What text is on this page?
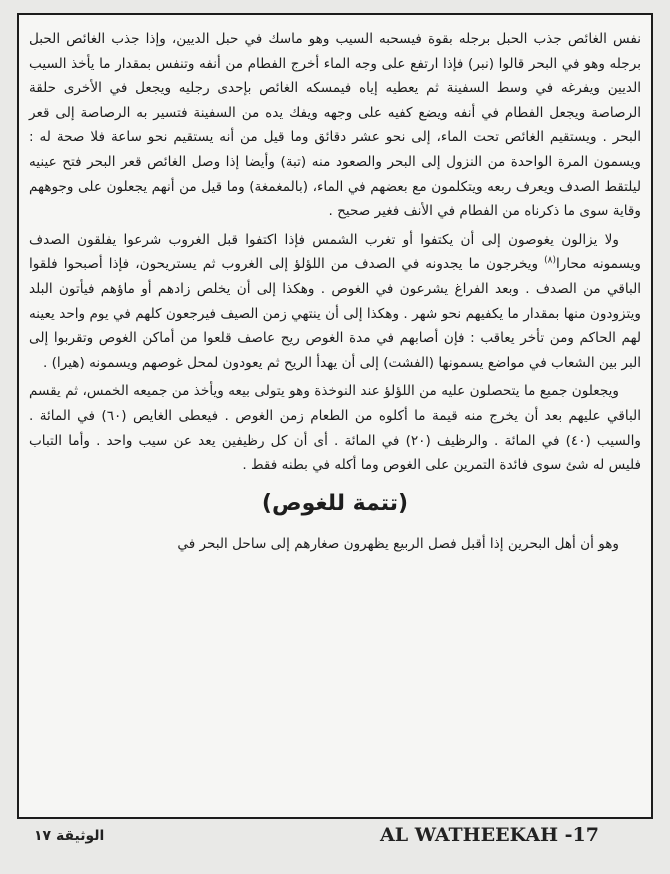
نفس الغائص جذب الحبل برجله بقوة فيسحبه السيب وهو ماسك في حبل الديين، وإذا جذب الغائص الحبل برجله وهو في البحر قالوا (نبر) فإذا ارتفع على وجه الماء أخرج الفطام من أنفه وتنفس بمقدار ما يأخذ السيب الديين ويفرغه في وسط السفينة ثم يعطيه إياه فيمسكه الغائص بإحدى رجليه ويجعل في الأخرى حلقة الرصاصة ويجعل الفطام في أنفه ويضع كفيه على وجهه ويفك يده من السفينة فتسير به الرصاصة إلى قعر البحر . ويستقيم الغائص تحت الماء، إلى نحو عشر دقائق وما قيل من أنه يستقيم نحو ساعة فلا صحة له : ويسمون المرة الواحدة من النزول إلى البحر والصعود منه (تبة) وأيضا إذا وصل الغائص قعر البحر فتح عينيه ليلتقط الصدف ويعرف ربعه ويتكلمون مع بعضهم في الماء، (بالمغمغة) وما قيل من أنهم يجعلون على وجوههم وقاية سوى ما ذكرناه من الفطام في الأنف فغير صحيح .

ولا يزالون يغوصون إلى أن يكتفوا أو تغرب الشمس فإذا اكتفوا قبل الغروب شرعوا يفلقون الصدف ويسمونه محارا$^{(٨)}$ ويخرجون ما يجدونه في الصدف من اللؤلؤ إلى الغروب ثم يستريحون، فإذا أصبحوا فلقوا الباقي من الصدف . وبعد الفراغ يشرعون في الغوص . وهكذا إلى أن يخلص زادهم أو ماؤهم فيأتون البلد ويتزودون منها بمقدار ما يكفيهم نحو شهر . وهكذا إلى أن ينتهي زمن الصيف فيرجعون كلهم في يوم واحد يعينه لهم الحاكم ومن تأخر يعاقب : فإن أصابهم في مدة الغوص ريح عاصف قلعوا من أماكن الغوص وتقربوا إلى البر بين الشعاب في مواضع يسمونها (الفشت) إلى أن يهدأ الريح ثم يعودون لمحل غوصهم ويسمونه (هيرا) .

ويجعلون جميع ما يتحصلون عليه من اللؤلؤ عند النوخذة وهو يتولى بيعه ويأخذ من جميعه الخمس، ثم يقسم الباقي عليهم بعد أن يخرج منه قيمة ما أكلوه من الطعام زمن الغوص . فيعطى الغايص (٦٠) في المائة . والسيب (٤٠) في المائة . والرظيف (٢٠) في المائة . أى أن كل رظيفين يعد عن سيب واحد . وأما التباب فليس له شئ سوى فائدة التمرين على الغوص وما أكله في بطنه فقط .

(تتمة للغوص)

وهو أن أهل البحرين إذا أقبل فصل الربيع يظهرون صغارهم إلى ساحل البحر في

AL WATHEEKAH -17
الوثيقة ١٧
